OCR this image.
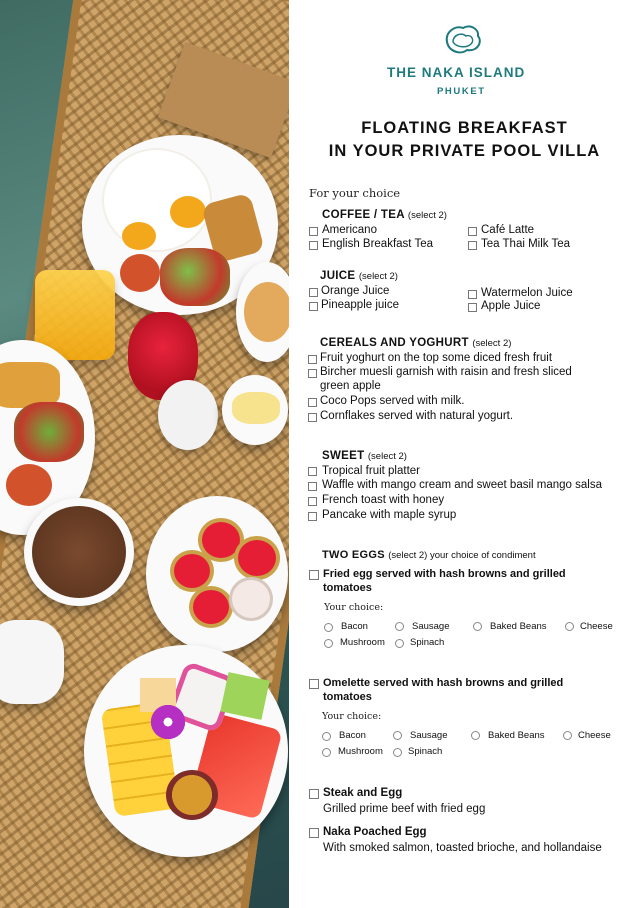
THE NAKA ISLAND
PHUKET
FLOATING BREAKFAST
IN YOUR PRIVATE POOL VILLA
For your choice
COFFEE / TEA (select 2)
Americano	Café Latte
English Breakfast Tea	Tea Thai Milk Tea
JUICE (select 2)
Orange Juice	Watermelon Juice
Pineapple juice	Apple Juice
CEREALS AND YOGHURT (select 2)
Fruit yoghurt on the top some diced fresh fruit
Bircher muesli garnish with raisin and fresh sliced
green apple
Coco Pops served with milk.
Cornflakes served with natural yogurt.
SWEET (select 2)
Tropical fruit platter
Waffle with mango cream and sweet basil mango salsa
French toast with honey
Pancake with maple syrup
TWO EGGS (select 2) your choice of condiment
Fried egg served with hash browns and grilled
tomatoes
Your choice:
Bacon	Sausage	Baked Beans	Cheese
Mushroom	Spinach
Omelette served with hash browns and grilled
tomatoes
Your choice:
Bacon	Sausage	Baked Beans	Cheese
Mushroom	Spinach
Steak and Egg
Grilled prime beef with fried egg
Naka Poached Egg
With smoked salmon, toasted brioche, and hollandaise
